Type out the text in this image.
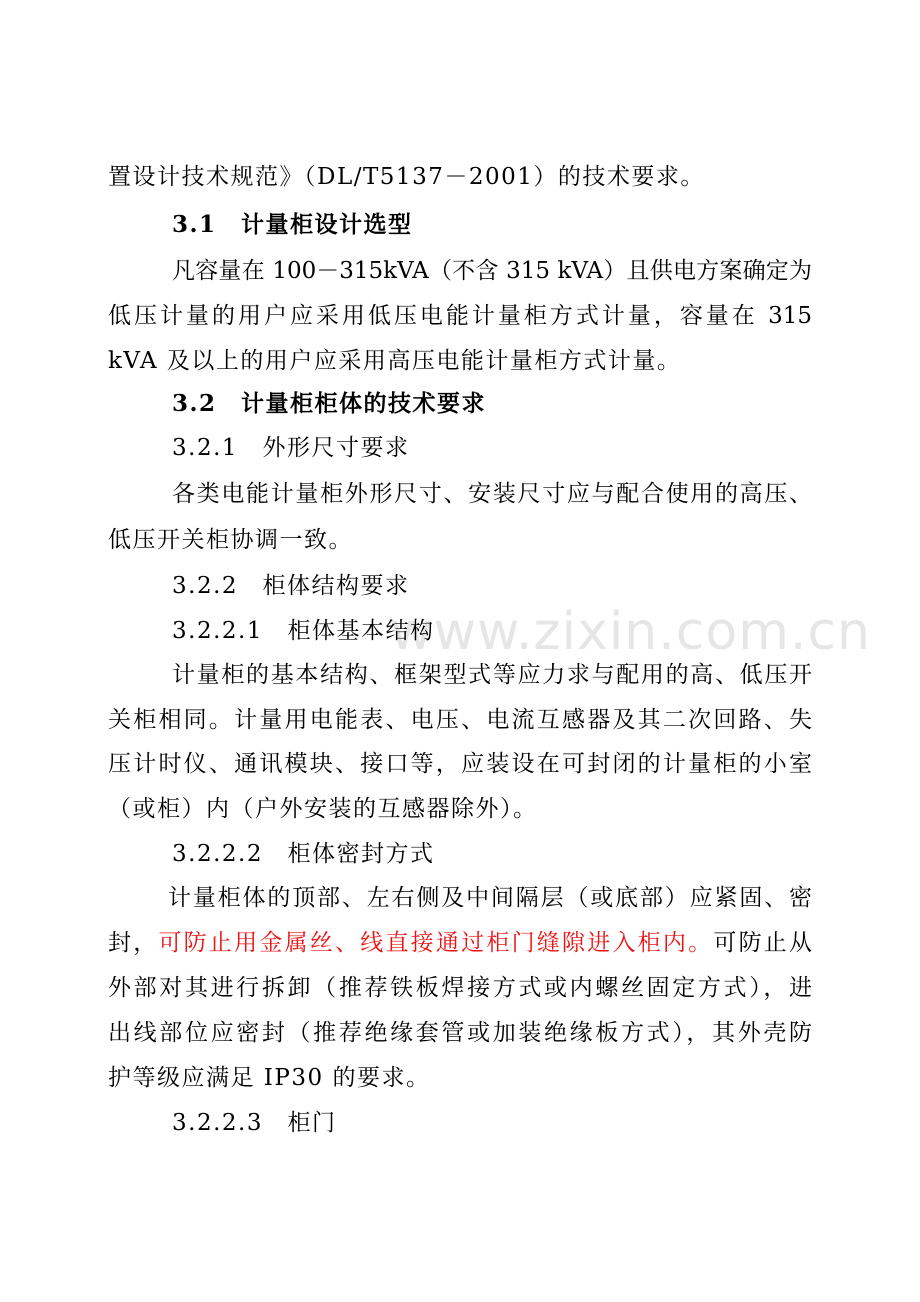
www.zixin.com.cn
置设计技术规范》（DL/T5137－2001）的技术要求。
3.1　计量柜设计选型
凡容量在 100－315kVA（不含 315 kVA）且供电方案确定为
低压计量的用户应采用低压电能计量柜方式计量，容量在 315
kVA 及以上的用户应采用高压电能计量柜方式计量。
3.2　计量柜柜体的技术要求
3.2.1　外形尺寸要求
各类电能计量柜外形尺寸、安装尺寸应与配合使用的高压、
低压开关柜协调一致。
3.2.2　柜体结构要求
3.2.2.1　柜体基本结构
计量柜的基本结构、框架型式等应力求与配用的高、低压开
关柜相同。计量用电能表、电压、电流互感器及其二次回路、失
压计时仪、通讯模块、接口等，应装设在可封闭的计量柜的小室
（或柜）内（户外安装的互感器除外）。
3.2.2.2　柜体密封方式
计量柜体的顶部、左右侧及中间隔层（或底部）应紧固、密
封，可防止用金属丝、线直接通过柜门缝隙进入柜内。可防止从
外部对其进行拆卸（推荐铁板焊接方式或内螺丝固定方式），进
出线部位应密封（推荐绝缘套管或加装绝缘板方式），其外壳防
护等级应满足 IP30 的要求。
3.2.2.3　柜门
